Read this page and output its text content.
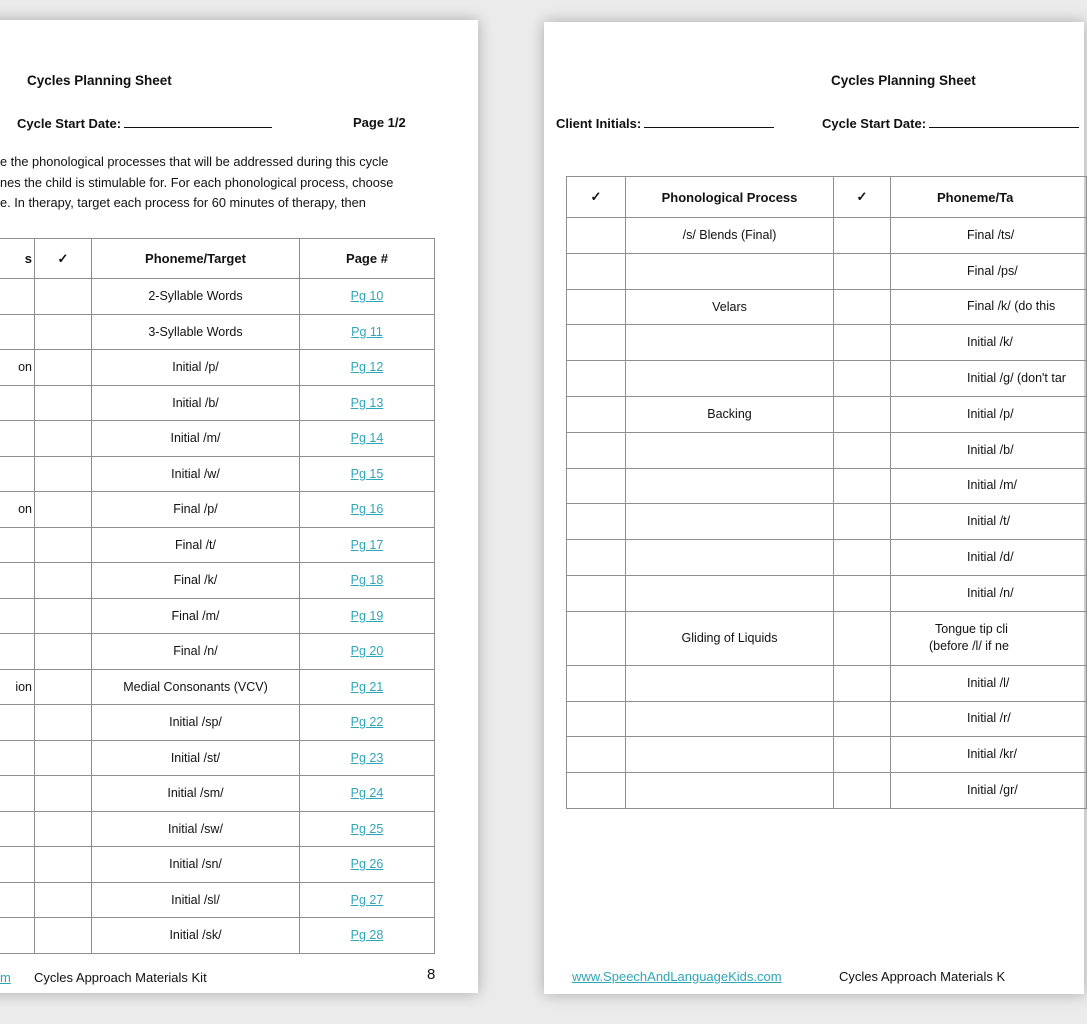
Cycles Planning Sheet
Cycle Start Date:	Page 1/2
e the phonological processes that will be addressed during this cycle
nes the child is stimulable for. For each phonological process, choose
e. In therapy, target each process for 60 minutes of therapy, then
s	✓	Phoneme/Target	Page #
		2-Syllable Words	Pg 10
		3-Syllable Words	Pg 11
on		Initial /p/	Pg 12
		Initial /b/	Pg 13
		Initial /m/	Pg 14
		Initial /w/	Pg 15
on		Final /p/	Pg 16
		Final /t/	Pg 17
		Final /k/	Pg 18
		Final /m/	Pg 19
		Final /n/	Pg 20
ion		Medial Consonants (VCV)	Pg 21
		Initial /sp/	Pg 22
		Initial /st/	Pg 23
		Initial /sm/	Pg 24
		Initial /sw/	Pg 25
		Initial /sn/	Pg 26
		Initial /sl/	Pg 27
		Initial /sk/	Pg 28
m Cycles Approach Materials Kit	8
Cycles Planning Sheet
Client Initials:	Cycle Start Date:
✓	Phonological Process	✓	Phoneme/Ta
	/s/ Blends (Final)		Final /ts/
			Final /ps/
	Velars		Final /k/ (do this
			Initial /k/
			Initial /g/ (don't tar
	Backing		Initial /p/
			Initial /b/
			Initial /m/
			Initial /t/
			Initial /d/
			Initial /n/
	Gliding of Liquids		Tongue tip cli
(before /l/ if ne

			Initial /l/
			Initial /r/
			Initial /kr/
			Initial /gr/
www.SpeechAndLanguageKids.com	Cycles Approach Materials K
